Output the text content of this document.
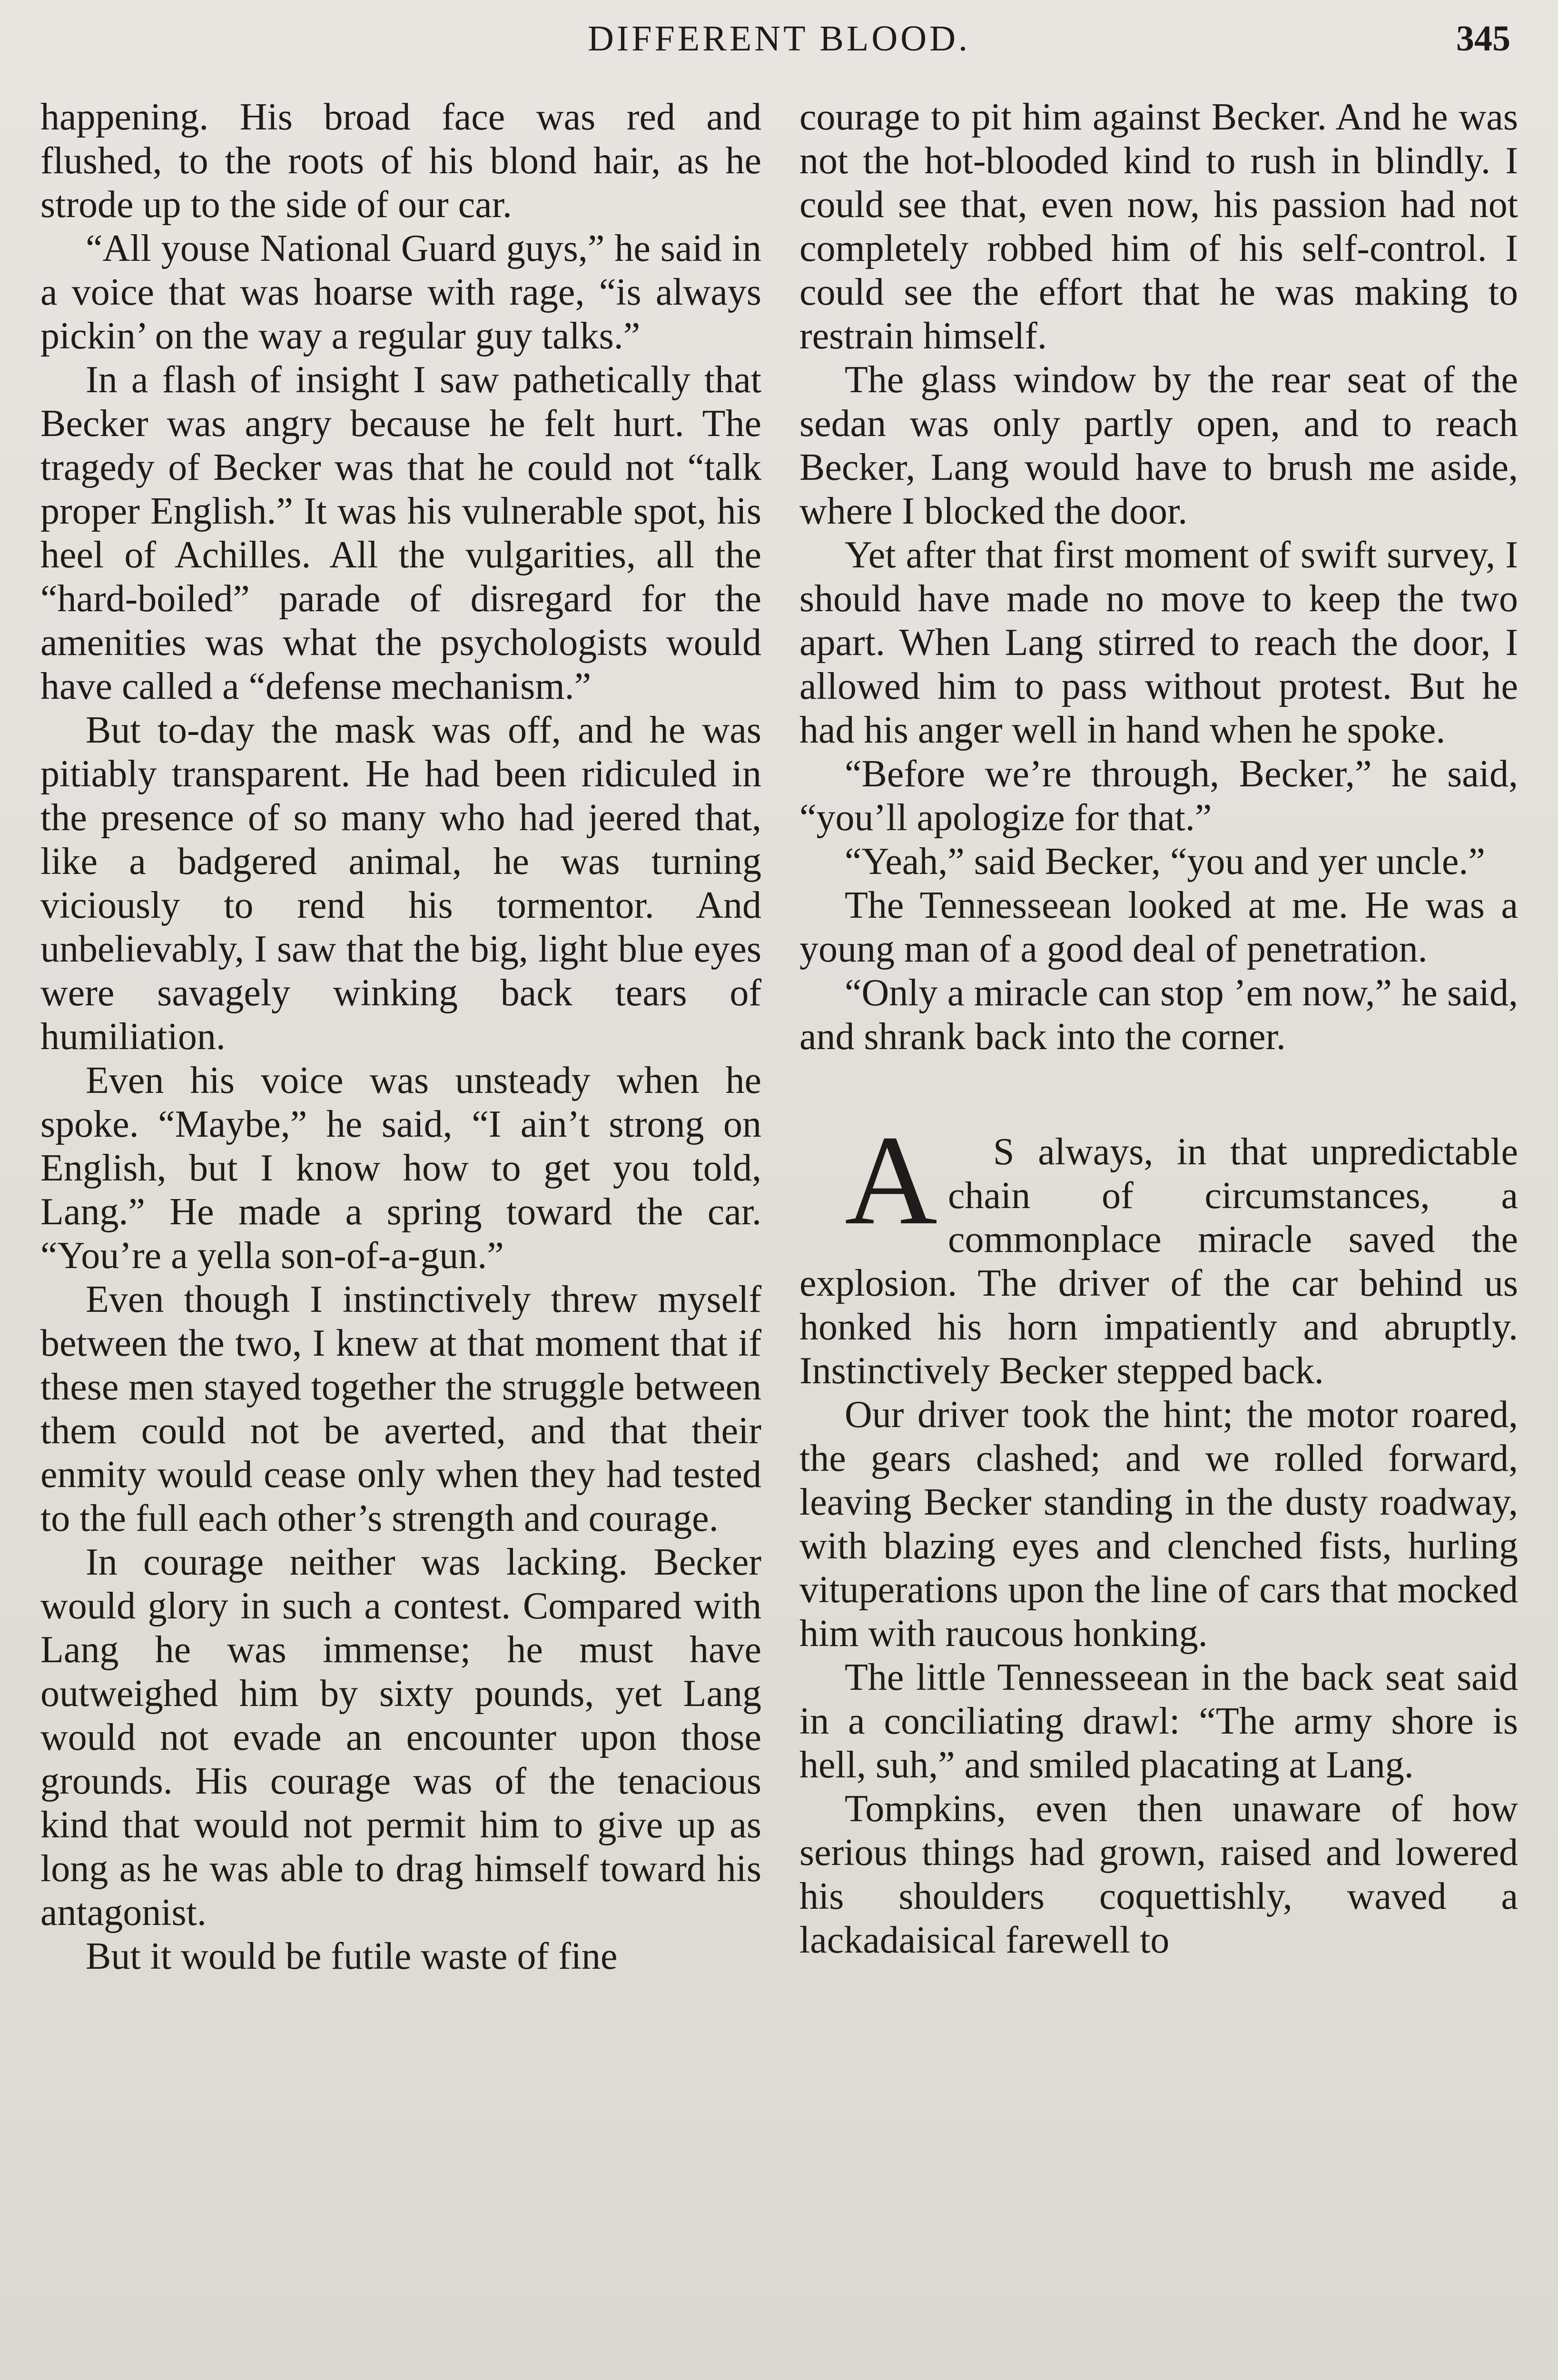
DIFFERENT BLOOD.	345

happening. His broad face was red and flushed, to the roots of his blond hair, as he strode up to the side of our car.

“All youse National Guard guys,” he said in a voice that was hoarse with rage, “is always pickin’ on the way a regular guy talks.”

In a flash of insight I saw pathetically that Becker was angry because he felt hurt. The tragedy of Becker was that he could not “talk proper English.” It was his vulnerable spot, his heel of Achilles. All the vulgarities, all the “hard-boiled” parade of disregard for the amenities was what the psychologists would have called a “defense mechanism.”

But to-day the mask was off, and he was pitiably transparent. He had been ridiculed in the presence of so many who had jeered that, like a badgered animal, he was turning viciously to rend his tormentor. And unbelievably, I saw that the big, light blue eyes were savagely winking back tears of humiliation.

Even his voice was unsteady when he spoke. “Maybe,” he said, “I ain’t strong on English, but I know how to get you told, Lang.” He made a spring toward the car. “You’re a yella son-of-a-gun.”

Even though I instinctively threw myself between the two, I knew at that moment that if these men stayed together the struggle between them could not be averted, and that their enmity would cease only when they had tested to the full each other’s strength and courage.

In courage neither was lacking. Becker would glory in such a contest. Compared with Lang he was immense; he must have outweighed him by sixty pounds, yet Lang would not evade an encounter upon those grounds. His courage was of the tenacious kind that would not permit him to give up as long as he was able to drag himself toward his antagonist.

But it would be futile waste of fine

courage to pit him against Becker. And he was not the hot-blooded kind to rush in blindly. I could see that, even now, his passion had not completely robbed him of his self-control. I could see the effort that he was making to restrain himself.

The glass window by the rear seat of the sedan was only partly open, and to reach Becker, Lang would have to brush me aside, where I blocked the door.

Yet after that first moment of swift survey, I should have made no move to keep the two apart. When Lang stirred to reach the door, I allowed him to pass without protest. But he had his anger well in hand when he spoke.

“Before we’re through, Becker,” he said, “you’ll apologize for that.”

“Yeah,” said Becker, “you and yer uncle.”

The Tennesseean looked at me. He was a young man of a good deal of penetration.

“Only a miracle can stop ’em now,” he said, and shrank back into the corner.

A S always, in that unpredictable chain of circumstances, a commonplace miracle saved the explosion. The driver of the car behind us honked his horn impatiently and abruptly. Instinctively Becker stepped back.

Our driver took the hint; the motor roared, the gears clashed; and we rolled forward, leaving Becker standing in the dusty roadway, with blazing eyes and clenched fists, hurling vituperations upon the line of cars that mocked him with raucous honking.

The little Tennesseean in the back seat said in a conciliating drawl: “The army shore is hell, suh,” and smiled placating at Lang.

Tompkins, even then unaware of how serious things had grown, raised and lowered his shoulders coquettishly, waved a lackadaisical farewell to
